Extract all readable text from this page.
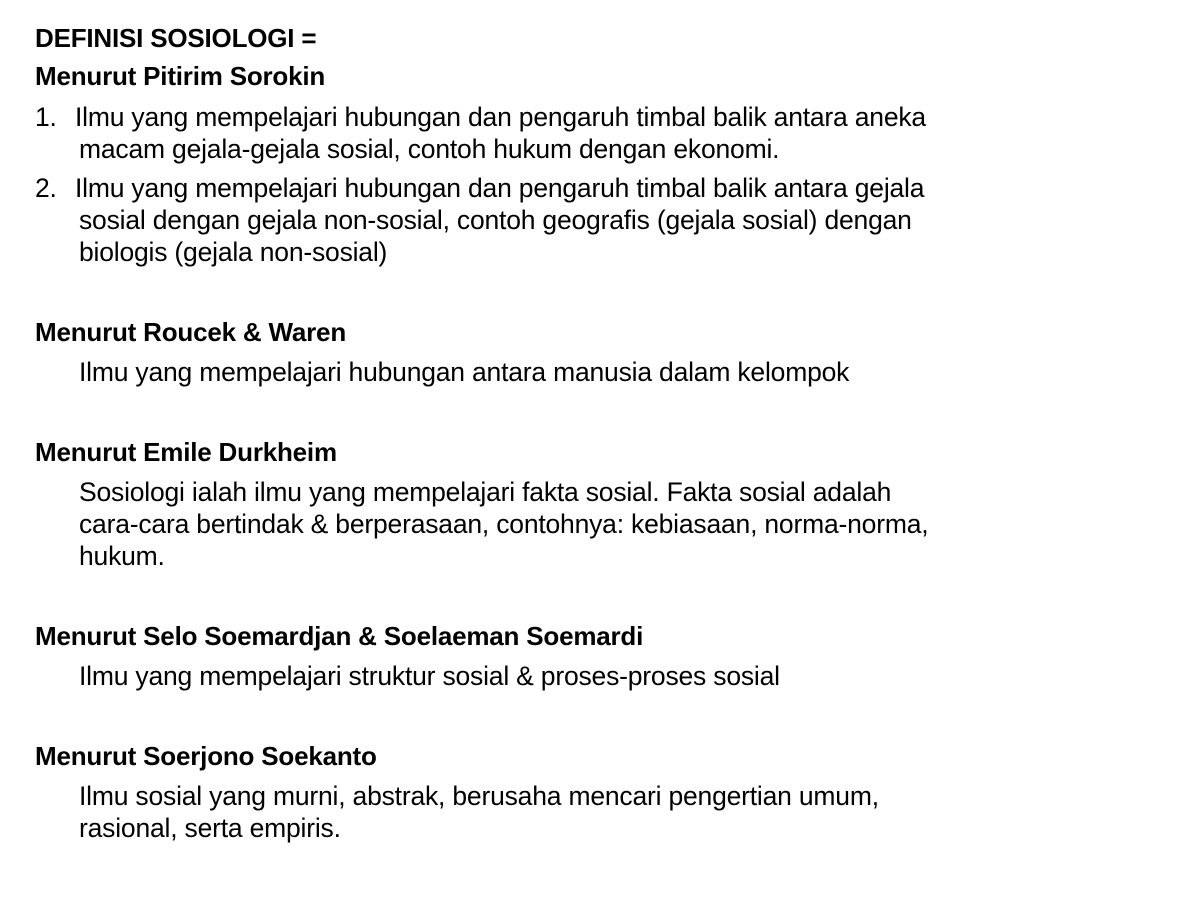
DEFINISI SOSIOLOGI =
Menurut Pitirim Sorokin
1. Ilmu yang mempelajari hubungan dan pengaruh timbal balik antara aneka
macam gejala-gejala sosial, contoh hukum dengan ekonomi.
2. Ilmu yang mempelajari hubungan dan pengaruh timbal balik antara gejala
sosial dengan gejala non-sosial, contoh geografis (gejala sosial) dengan
biologis (gejala non-sosial)
Menurut Roucek & Waren
Ilmu yang mempelajari hubungan antara manusia dalam kelompok
Menurut Emile Durkheim
Sosiologi ialah ilmu yang mempelajari fakta sosial. Fakta sosial adalah
cara-cara bertindak & berperasaan, contohnya: kebiasaan, norma-norma,
hukum.
Menurut Selo Soemardjan & Soelaeman Soemardi
Ilmu yang mempelajari struktur sosial & proses-proses sosial
Menurut Soerjono Soekanto
Ilmu sosial yang murni, abstrak, berusaha mencari pengertian umum,
rasional, serta empiris.
